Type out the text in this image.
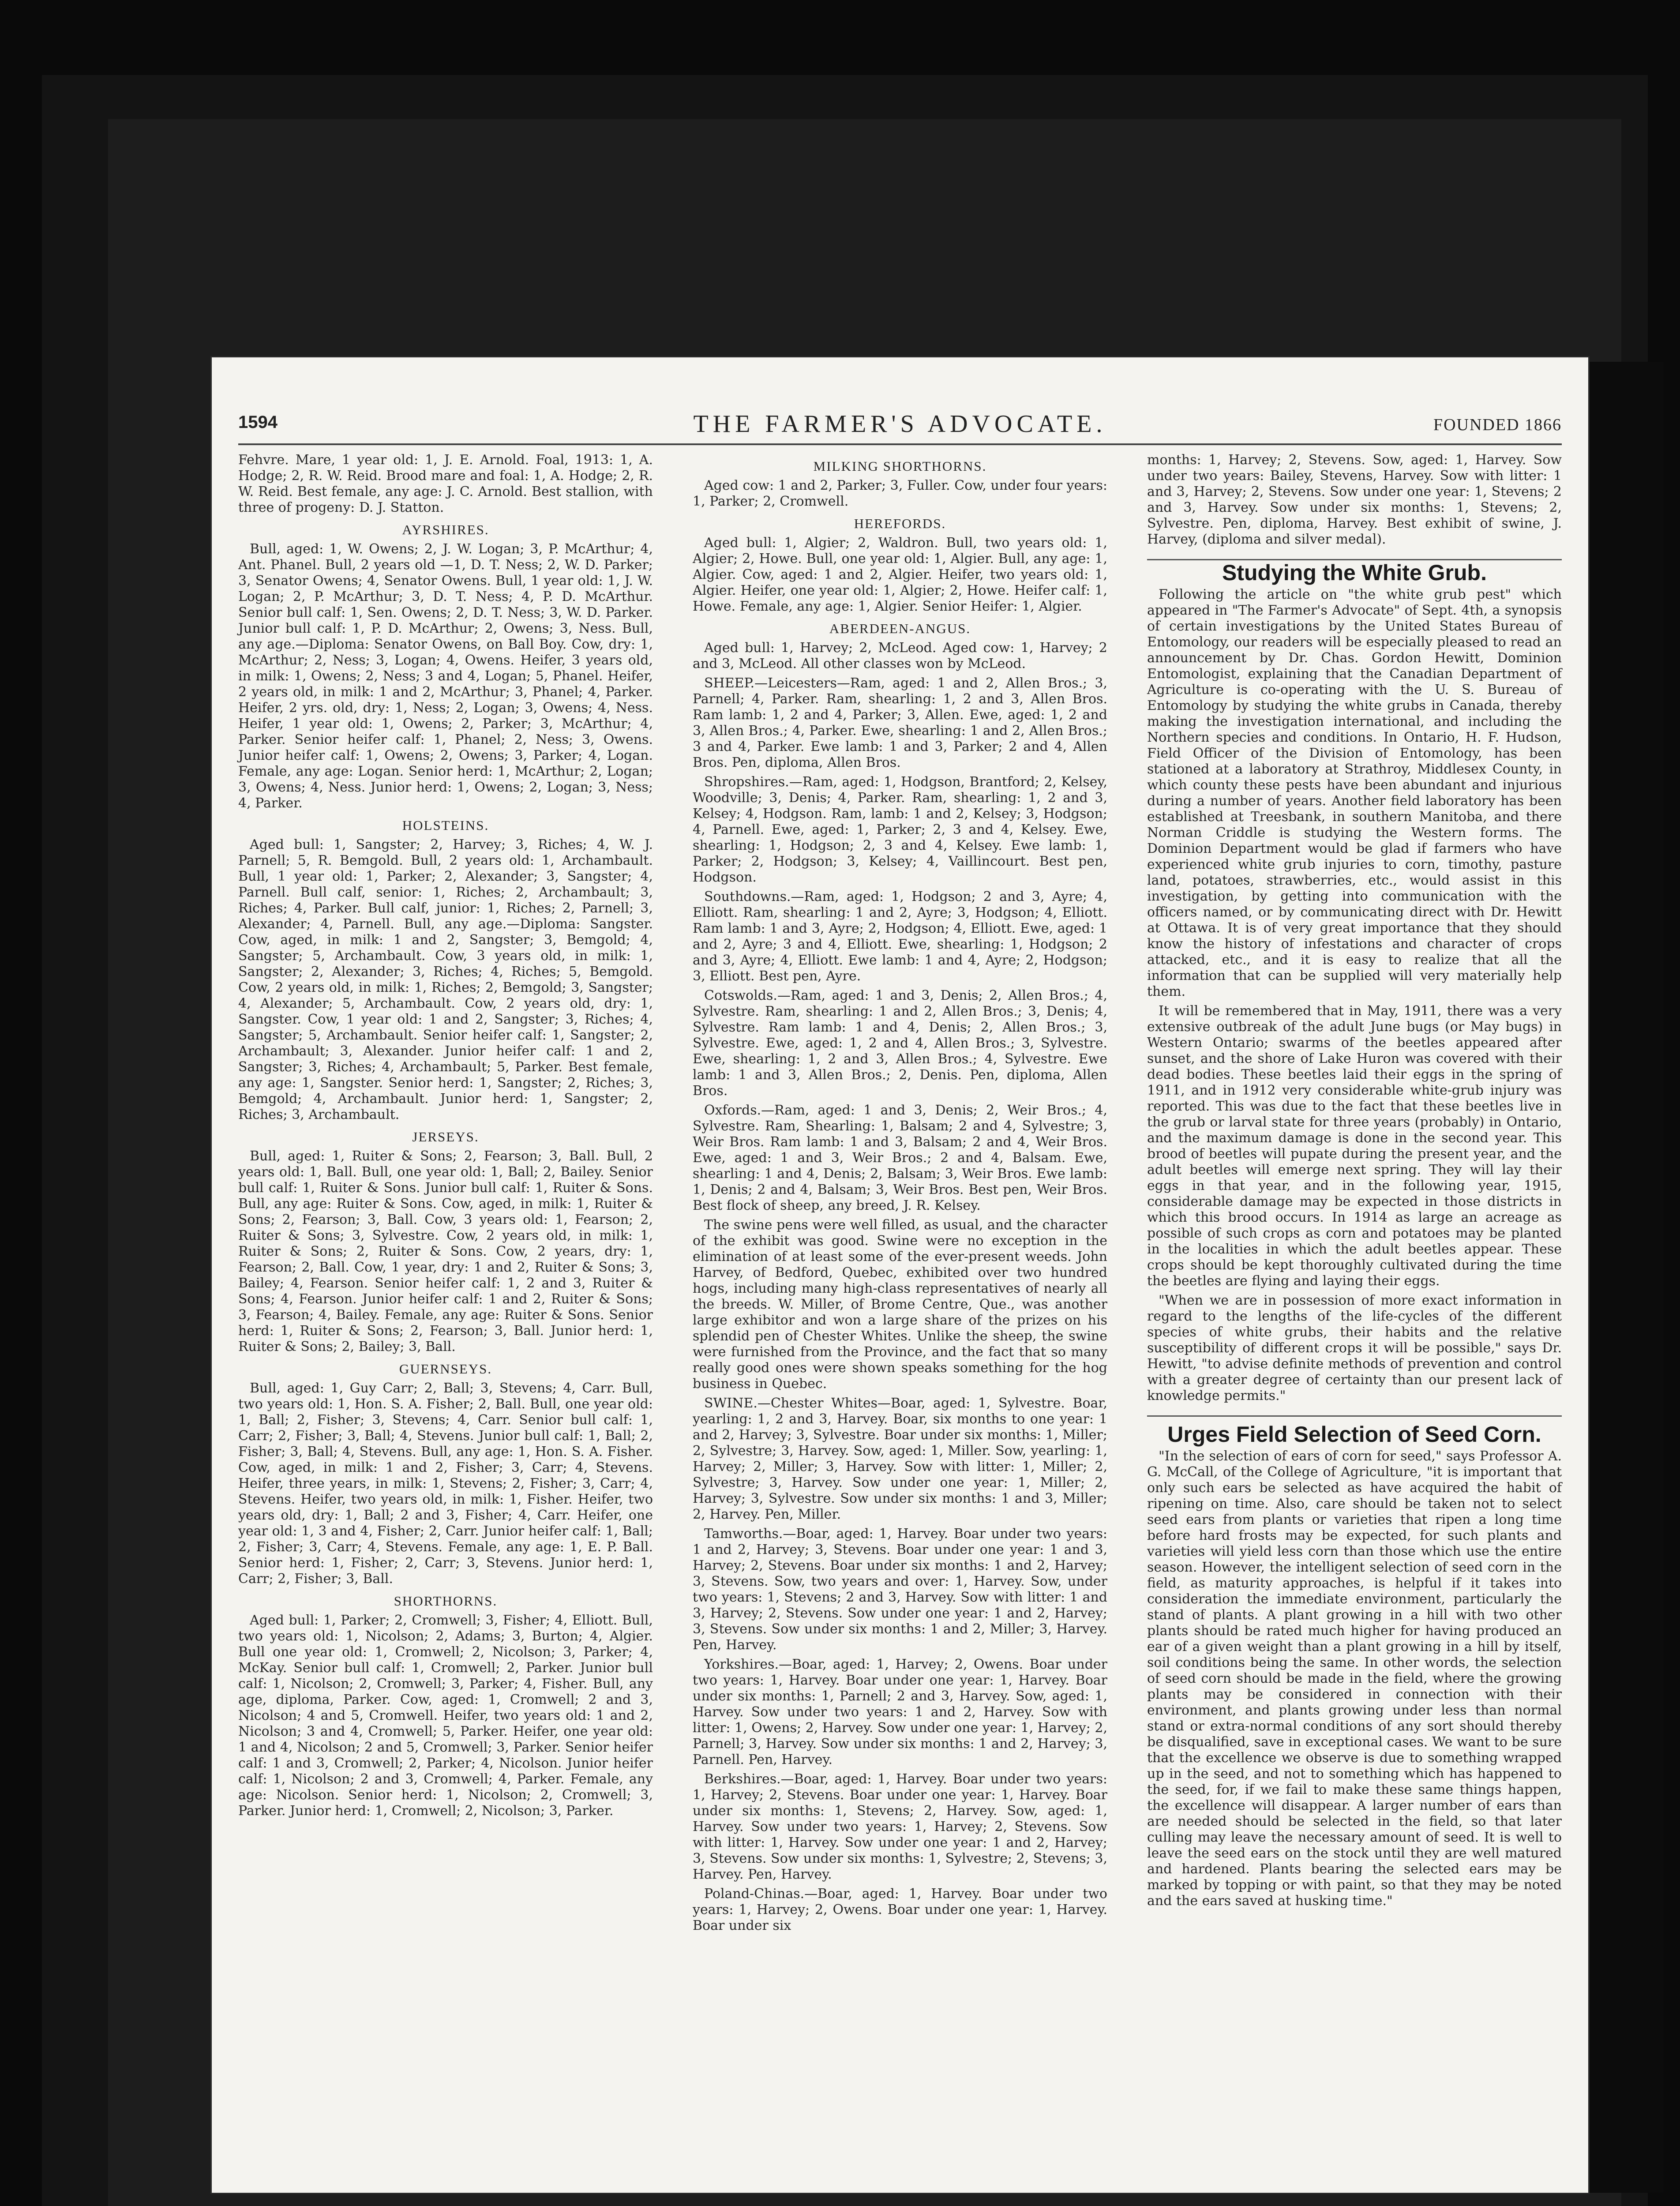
1594	THE FARMER'S ADVOCATE.	FOUNDED 1866

Fehvre. Mare, 1 year old: 1, J. E. Arnold. Foal, 1913: 1, A. Hodge; 2, R. W. Reid. Brood mare and foal: 1, A. Hodge; 2, R. W. Reid. Best female, any age: J. C. Arnold. Best stallion, with three of progeny: D. J. Statton.

AYRSHIRES.

Bull, aged: 1, W. Owens; 2, J. W. Logan; 3, P. McArthur; 4, Ant. Phanel. Bull, 2 years old —1, D. T. Ness; 2, W. D. Parker; 3, Senator Owens; 4, Senator Owens. Bull, 1 year old: 1, J. W. Logan; 2, P. McArthur; 3, D. T. Ness; 4, P. D. McArthur. Senior bull calf: 1, Sen. Owens; 2, D. T. Ness; 3, W. D. Parker. Junior bull calf: 1, P. D. McArthur; 2, Owens; 3, Ness. Bull, any age.—Diploma: Senator Owens, on Ball Boy. Cow, dry: 1, McArthur; 2, Ness; 3, Logan; 4, Owens. Heifer, 3 years old, in milk: 1, Owens; 2, Ness; 3 and 4, Logan; 5, Phanel. Heifer, 2 years old, in milk: 1 and 2, McArthur; 3, Phanel; 4, Parker. Heifer, 2 yrs. old, dry: 1, Ness; 2, Logan; 3, Owens; 4, Ness. Heifer, 1 year old: 1, Owens; 2, Parker; 3, McArthur; 4, Parker. Senior heifer calf: 1, Phanel; 2, Ness; 3, Owens. Junior heifer calf: 1, Owens; 2, Owens; 3, Parker; 4, Logan. Female, any age: Logan. Senior herd: 1, McArthur; 2, Logan; 3, Owens; 4, Ness. Junior herd: 1, Owens; 2, Logan; 3, Ness; 4, Parker.

HOLSTEINS.

Aged bull: 1, Sangster; 2, Harvey; 3, Riches; 4, W. J. Parnell; 5, R. Bemgold. Bull, 2 years old: 1, Archambault. Bull, 1 year old: 1, Parker; 2, Alexander; 3, Sangster; 4, Parnell. Bull calf, senior: 1, Riches; 2, Archambault; 3, Riches; 4, Parker. Bull calf, junior: 1, Riches; 2, Parnell; 3, Alexander; 4, Parnell. Bull, any age.—Diploma: Sangster. Cow, aged, in milk: 1 and 2, Sangster; 3, Bemgold; 4, Sangster; 5, Archambault. Cow, 3 years old, in milk: 1, Sangster; 2, Alexander; 3, Riches; 4, Riches; 5, Bemgold. Cow, 2 years old, in milk: 1, Riches; 2, Bemgold; 3, Sangster; 4, Alexander; 5, Archambault. Cow, 2 years old, dry: 1, Sangster. Cow, 1 year old: 1 and 2, Sangster; 3, Riches; 4, Sangster; 5, Archambault. Senior heifer calf: 1, Sangster; 2, Archambault; 3, Alexander. Junior heifer calf: 1 and 2, Sangster; 3, Riches; 4, Archambault; 5, Parker. Best female, any age: 1, Sangster. Senior herd: 1, Sangster; 2, Riches; 3, Bemgold; 4, Archambault. Junior herd: 1, Sangster; 2, Riches; 3, Archambault.

JERSEYS.

Bull, aged: 1, Ruiter & Sons; 2, Fearson; 3, Ball. Bull, 2 years old: 1, Ball. Bull, one year old: 1, Ball; 2, Bailey. Senior bull calf: 1, Ruiter & Sons. Junior bull calf: 1, Ruiter & Sons. Bull, any age: Ruiter & Sons. Cow, aged, in milk: 1, Ruiter & Sons; 2, Fearson; 3, Ball. Cow, 3 years old: 1, Fearson; 2, Ruiter & Sons; 3, Sylvestre. Cow, 2 years old, in milk: 1, Ruiter & Sons; 2, Ruiter & Sons. Cow, 2 years, dry: 1, Fearson; 2, Ball. Cow, 1 year, dry: 1 and 2, Ruiter & Sons; 3, Bailey; 4, Fearson. Senior heifer calf: 1, 2 and 3, Ruiter & Sons; 4, Fearson. Junior heifer calf: 1 and 2, Ruiter & Sons; 3, Fearson; 4, Bailey. Female, any age: Ruiter & Sons. Senior herd: 1, Ruiter & Sons; 2, Fearson; 3, Ball. Junior herd: 1, Ruiter & Sons; 2, Bailey; 3, Ball.

GUERNSEYS.

Bull, aged: 1, Guy Carr; 2, Ball; 3, Stevens; 4, Carr. Bull, two years old: 1, Hon. S. A. Fisher; 2, Ball. Bull, one year old: 1, Ball; 2, Fisher; 3, Stevens; 4, Carr. Senior bull calf: 1, Carr; 2, Fisher; 3, Ball; 4, Stevens. Junior bull calf: 1, Ball; 2, Fisher; 3, Ball; 4, Stevens. Bull, any age: 1, Hon. S. A. Fisher. Cow, aged, in milk: 1 and 2, Fisher; 3, Carr; 4, Stevens. Heifer, three years, in milk: 1, Stevens; 2, Fisher; 3, Carr; 4, Stevens. Heifer, two years old, in milk: 1, Fisher. Heifer, two years old, dry: 1, Ball; 2 and 3, Fisher; 4, Carr. Heifer, one year old: 1, 3 and 4, Fisher; 2, Carr. Junior heifer calf: 1, Ball; 2, Fisher; 3, Carr; 4, Stevens. Female, any age: 1, E. P. Ball. Senior herd: 1, Fisher; 2, Carr; 3, Stevens. Junior herd: 1, Carr; 2, Fisher; 3, Ball.

SHORTHORNS.

Aged bull: 1, Parker; 2, Cromwell; 3, Fisher; 4, Elliott. Bull, two years old: 1, Nicolson; 2, Adams; 3, Burton; 4, Algier. Bull one year old: 1, Cromwell; 2, Nicolson; 3, Parker; 4, McKay. Senior bull calf: 1, Cromwell; 2, Parker. Junior bull calf: 1, Nicolson; 2, Cromwell; 3, Parker; 4, Fisher. Bull, any age, diploma, Parker. Cow, aged: 1, Cromwell; 2 and 3, Nicolson; 4 and 5, Cromwell. Heifer, two years old: 1 and 2, Nicolson; 3 and 4, Cromwell; 5, Parker. Heifer, one year old: 1 and 4, Nicolson; 2 and 5, Cromwell; 3, Parker. Senior heifer calf: 1 and 3, Cromwell; 2, Parker; 4, Nicolson. Junior heifer calf: 1, Nicolson; 2 and 3, Cromwell; 4, Parker. Female, any age: Nicolson. Senior herd: 1, Nicolson; 2, Cromwell; 3, Parker. Junior herd: 1, Cromwell; 2, Nicolson; 3, Parker.

MILKING SHORTHORNS.

Aged cow: 1 and 2, Parker; 3, Fuller. Cow, under four years: 1, Parker; 2, Cromwell.

HEREFORDS.

Aged bull: 1, Algier; 2, Waldron. Bull, two years old: 1, Algier; 2, Howe. Bull, one year old: 1, Algier. Bull, any age: 1, Algier. Cow, aged: 1 and 2, Algier. Heifer, two years old: 1, Algier. Heifer, one year old: 1, Algier; 2, Howe. Heifer calf: 1, Howe. Female, any age: 1, Algier. Senior Heifer: 1, Algier.

ABERDEEN-ANGUS.

Aged bull: 1, Harvey; 2, McLeod. Aged cow: 1, Harvey; 2 and 3, McLeod. All other classes won by McLeod.

SHEEP.—Leicesters—Ram, aged: 1 and 2, Allen Bros.; 3, Parnell; 4, Parker. Ram, shearling: 1, 2 and 3, Allen Bros. Ram lamb: 1, 2 and 4, Parker; 3, Allen. Ewe, aged: 1, 2 and 3, Allen Bros.; 4, Parker. Ewe, shearling: 1 and 2, Allen Bros.; 3 and 4, Parker. Ewe lamb: 1 and 3, Parker; 2 and 4, Allen Bros. Pen, diploma, Allen Bros.

Shropshires.—Ram, aged: 1, Hodgson, Brantford; 2, Kelsey, Woodville; 3, Denis; 4, Parker. Ram, shearling: 1, 2 and 3, Kelsey; 4, Hodgson. Ram, lamb: 1 and 2, Kelsey; 3, Hodgson; 4, Parnell. Ewe, aged: 1, Parker; 2, 3 and 4, Kelsey. Ewe, shearling: 1, Hodgson; 2, 3 and 4, Kelsey. Ewe lamb: 1, Parker; 2, Hodgson; 3, Kelsey; 4, Vaillincourt. Best pen, Hodgson.

Southdowns.—Ram, aged: 1, Hodgson; 2 and 3, Ayre; 4, Elliott. Ram, shearling: 1 and 2, Ayre; 3, Hodgson; 4, Elliott. Ram lamb: 1 and 3, Ayre; 2, Hodgson; 4, Elliott. Ewe, aged: 1 and 2, Ayre; 3 and 4, Elliott. Ewe, shearling: 1, Hodgson; 2 and 3, Ayre; 4, Elliott. Ewe lamb: 1 and 4, Ayre; 2, Hodgson; 3, Elliott. Best pen, Ayre.

Cotswolds.—Ram, aged: 1 and 3, Denis; 2, Allen Bros.; 4, Sylvestre. Ram, shearling: 1 and 2, Allen Bros.; 3, Denis; 4, Sylvestre. Ram lamb: 1 and 4, Denis; 2, Allen Bros.; 3, Sylvestre. Ewe, aged: 1, 2 and 4, Allen Bros.; 3, Sylvestre. Ewe, shearling: 1, 2 and 3, Allen Bros.; 4, Sylvestre. Ewe lamb: 1 and 3, Allen Bros.; 2, Denis. Pen, diploma, Allen Bros.

Oxfords.—Ram, aged: 1 and 3, Denis; 2, Weir Bros.; 4, Sylvestre. Ram, Shearling: 1, Balsam; 2 and 4, Sylvestre; 3, Weir Bros. Ram lamb: 1 and 3, Balsam; 2 and 4, Weir Bros. Ewe, aged: 1 and 3, Weir Bros.; 2 and 4, Balsam. Ewe, shearling: 1 and 4, Denis; 2, Balsam; 3, Weir Bros. Ewe lamb: 1, Denis; 2 and 4, Balsam; 3, Weir Bros. Best pen, Weir Bros. Best flock of sheep, any breed, J. R. Kelsey.

The swine pens were well filled, as usual, and the character of the exhibit was good. Swine were no exception in the elimination of at least some of the ever-present weeds. John Harvey, of Bedford, Quebec, exhibited over two hundred hogs, including many high-class representatives of nearly all the breeds. W. Miller, of Brome Centre, Que., was another large exhibitor and won a large share of the prizes on his splendid pen of Chester Whites. Unlike the sheep, the swine were furnished from the Province, and the fact that so many really good ones were shown speaks something for the hog business in Quebec.

SWINE.—Chester Whites—Boar, aged: 1, Sylvestre. Boar, yearling: 1, 2 and 3, Harvey. Boar, six months to one year: 1 and 2, Harvey; 3, Sylvestre. Boar under six months: 1, Miller; 2, Sylvestre; 3, Harvey. Sow, aged: 1, Miller. Sow, yearling: 1, Harvey; 2, Miller; 3, Harvey. Sow with litter: 1, Miller; 2, Sylvestre; 3, Harvey. Sow under one year: 1, Miller; 2, Harvey; 3, Sylvestre. Sow under six months: 1 and 3, Miller; 2, Harvey. Pen, Miller.

Tamworths.—Boar, aged: 1, Harvey. Boar under two years: 1 and 2, Harvey; 3, Stevens. Boar under one year: 1 and 3, Harvey; 2, Stevens. Boar under six months: 1 and 2, Harvey; 3, Stevens. Sow, two years and over: 1, Harvey. Sow, under two years: 1, Stevens; 2 and 3, Harvey. Sow with litter: 1 and 3, Harvey; 2, Stevens. Sow under one year: 1 and 2, Harvey; 3, Stevens. Sow under six months: 1 and 2, Miller; 3, Harvey. Pen, Harvey.

Yorkshires.—Boar, aged: 1, Harvey; 2, Owens. Boar under two years: 1, Harvey. Boar under one year: 1, Harvey. Boar under six months: 1, Parnell; 2 and 3, Harvey. Sow, aged: 1, Harvey. Sow under two years: 1 and 2, Harvey. Sow with litter: 1, Owens; 2, Harvey. Sow under one year: 1, Harvey; 2, Parnell; 3, Harvey. Sow under six months: 1 and 2, Harvey; 3, Parnell. Pen, Harvey.

Berkshires.—Boar, aged: 1, Harvey. Boar under two years: 1, Harvey; 2, Stevens. Boar under one year: 1, Harvey. Boar under six months: 1, Stevens; 2, Harvey. Sow, aged: 1, Harvey. Sow under two years: 1, Harvey; 2, Stevens. Sow with litter: 1, Harvey. Sow under one year: 1 and 2, Harvey; 3, Stevens. Sow under six months: 1, Sylvestre; 2, Stevens; 3, Harvey. Pen, Harvey.

Poland-Chinas.—Boar, aged: 1, Harvey. Boar under two years: 1, Harvey; 2, Owens. Boar under one year: 1, Harvey. Boar under six

months: 1, Harvey; 2, Stevens. Sow, aged: 1, Harvey. Sow under two years: Bailey, Stevens, Harvey. Sow with litter: 1 and 3, Harvey; 2, Stevens. Sow under one year: 1, Stevens; 2 and 3, Harvey. Sow under six months: 1, Stevens; 2, Sylvestre. Pen, diploma, Harvey. Best exhibit of swine, J. Harvey, (diploma and silver medal).

Studying the White Grub.

Following the article on "the white grub pest" which appeared in "The Farmer's Advocate" of Sept. 4th, a synopsis of certain investigations by the United States Bureau of Entomology, our readers will be especially pleased to read an announcement by Dr. Chas. Gordon Hewitt, Dominion Entomologist, explaining that the Canadian Department of Agriculture is co-operating with the U. S. Bureau of Entomology by studying the white grubs in Canada, thereby making the investigation international, and including the Northern species and conditions. In Ontario, H. F. Hudson, Field Officer of the Division of Entomology, has been stationed at a laboratory at Strathroy, Middlesex County, in which county these pests have been abundant and injurious during a number of years. Another field laboratory has been established at Treesbank, in southern Manitoba, and there Norman Criddle is studying the Western forms. The Dominion Department would be glad if farmers who have experienced white grub injuries to corn, timothy, pasture land, potatoes, strawberries, etc., would assist in this investigation, by getting into communication with the officers named, or by communicating direct with Dr. Hewitt at Ottawa. It is of very great importance that they should know the history of infestations and character of crops attacked, etc., and it is easy to realize that all the information that can be supplied will very materially help them.

It will be remembered that in May, 1911, there was a very extensive outbreak of the adult June bugs (or May bugs) in Western Ontario; swarms of the beetles appeared after sunset, and the shore of Lake Huron was covered with their dead bodies. These beetles laid their eggs in the spring of 1911, and in 1912 very considerable white-grub injury was reported. This was due to the fact that these beetles live in the grub or larval state for three years (probably) in Ontario, and the maximum damage is done in the second year. This brood of beetles will pupate during the present year, and the adult beetles will emerge next spring. They will lay their eggs in that year, and in the following year, 1915, considerable damage may be expected in those districts in which this brood occurs. In 1914 as large an acreage as possible of such crops as corn and potatoes may be planted in the localities in which the adult beetles appear. These crops should be kept thoroughly cultivated during the time the beetles are flying and laying their eggs.

"When we are in possession of more exact information in regard to the lengths of the life-cycles of the different species of white grubs, their habits and the relative susceptibility of different crops it will be possible," says Dr. Hewitt, "to advise definite methods of prevention and control with a greater degree of certainty than our present lack of knowledge permits."

Urges Field Selection of Seed Corn.

"In the selection of ears of corn for seed," says Professor A. G. McCall, of the College of Agriculture, "it is important that only such ears be selected as have acquired the habit of ripening on time. Also, care should be taken not to select seed ears from plants or varieties that ripen a long time before hard frosts may be expected, for such plants and varieties will yield less corn than those which use the entire season. However, the intelligent selection of seed corn in the field, as maturity approaches, is helpful if it takes into consideration the immediate environment, particularly the stand of plants. A plant growing in a hill with two other plants should be rated much higher for having produced an ear of a given weight than a plant growing in a hill by itself, soil conditions being the same. In other words, the selection of seed corn should be made in the field, where the growing plants may be considered in connection with their environment, and plants growing under less than normal stand or extra-normal conditions of any sort should thereby be disqualified, save in exceptional cases. We want to be sure that the excellence we observe is due to something wrapped up in the seed, and not to something which has happened to the seed, for, if we fail to make these same things happen, the excellence will disappear. A larger number of ears than are needed should be selected in the field, so that later culling may leave the necessary amount of seed. It is well to leave the seed ears on the stock until they are well matured and hardened. Plants bearing the selected ears may be marked by topping or with paint, so that they may be noted and the ears saved at husking time."
